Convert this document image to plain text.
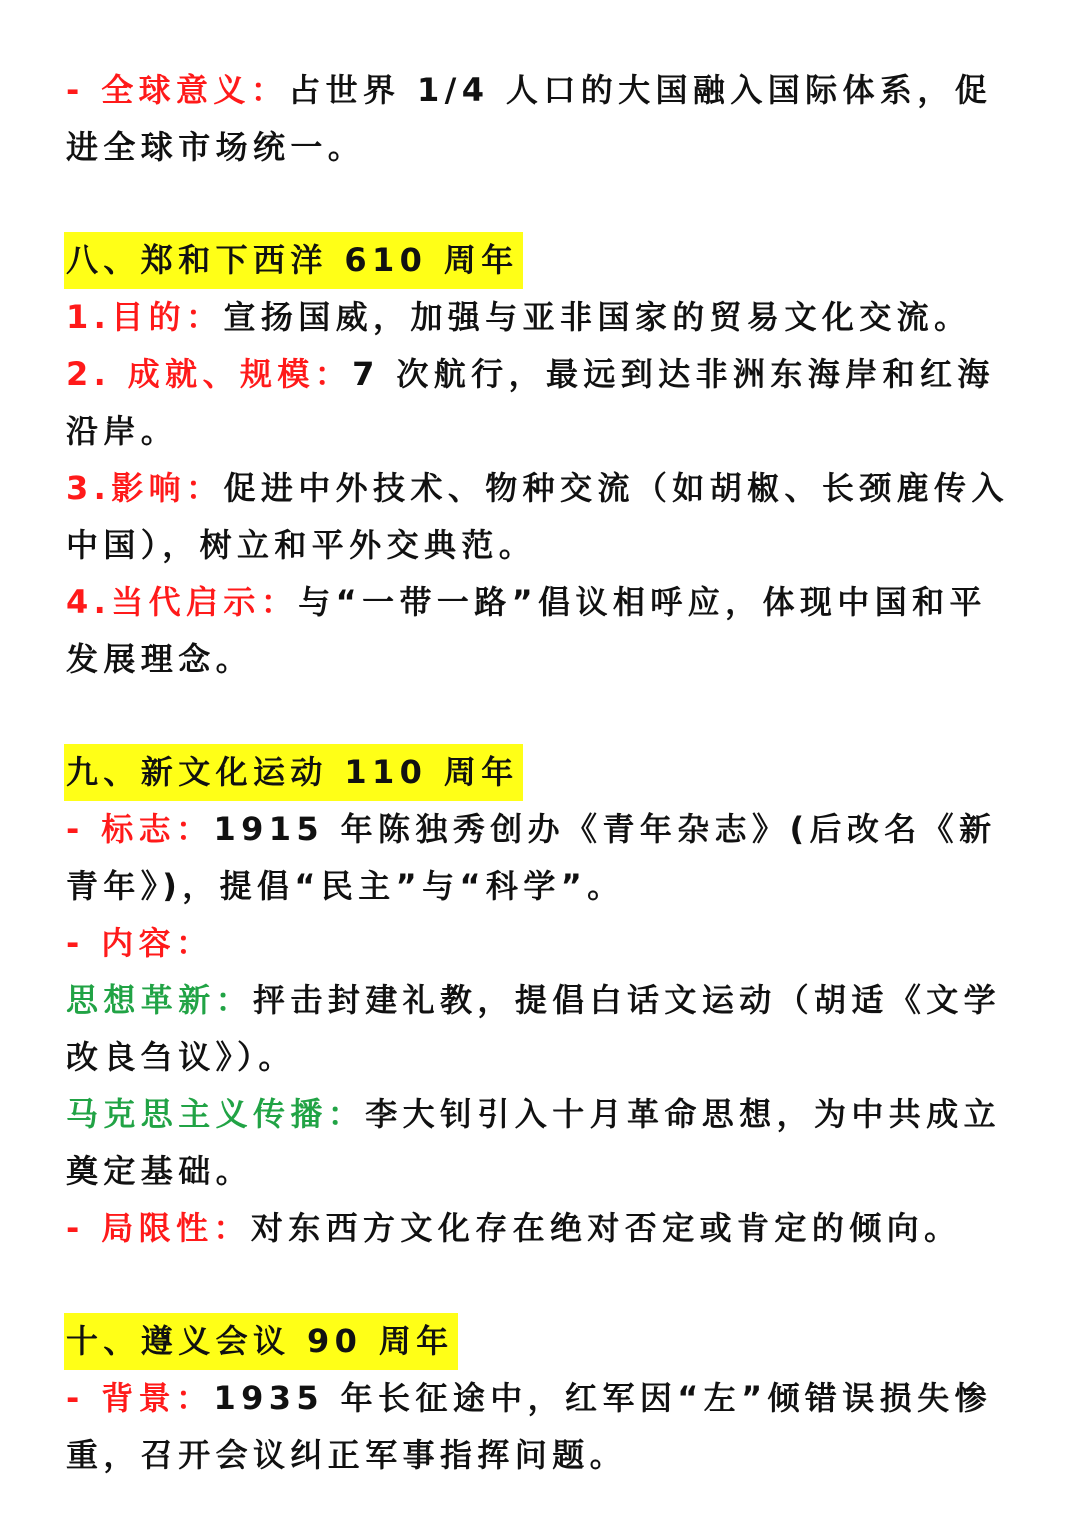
- 全球意义：占世界 1/4 人口的大国融入国际体系，促进全球市场统一。

八、郑和下西洋 610 周年

1.目的：宣扬国威，加强与亚非国家的贸易文化交流。

2. 成就、规模：7 次航行，最远到达非洲东海岸和红海沿岸。

3.影响：促进中外技术、物种交流（如胡椒、长颈鹿传入中国），树立和平外交典范。

4.当代启示：与“一带一路”倡议相呼应，体现中国和平发展理念。

九、新文化运动 110 周年

- 标志：1915 年陈独秀创办《青年杂志》(后改名《新青年》)，提倡“民主”与“科学”。

- 内容：

思想革新：抨击封建礼教，提倡白话文运动（胡适《文学改良刍议》）。

马克思主义传播：李大钊引入十月革命思想，为中共成立奠定基础。

- 局限性：对东西方文化存在绝对否定或肯定的倾向。

十、遵义会议 90 周年

- 背景：1935 年长征途中，红军因“左”倾错误损失惨重，召开会议纠正军事指挥问题。
